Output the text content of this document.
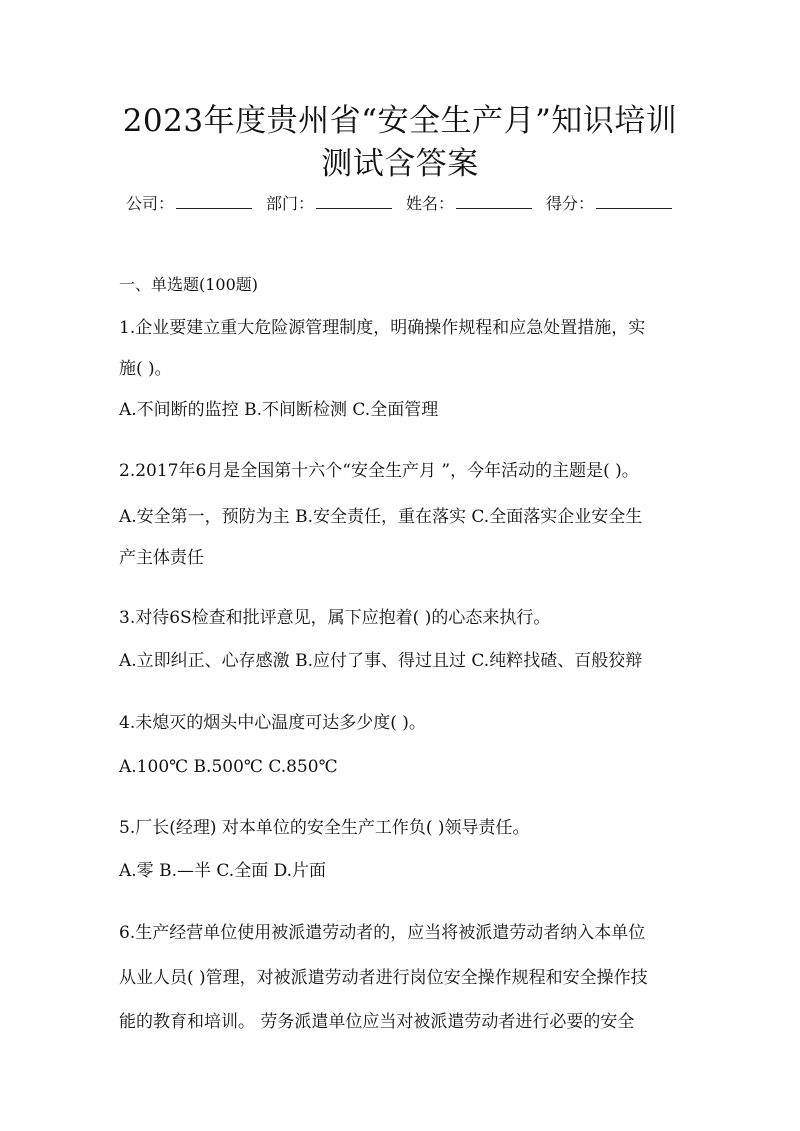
2023年度贵州省“安全生产月”知识培训
测试含答案
公司：	部门：	姓名：	得分：
一、单选题(100题)
1.企业要建立重大危险源管理制度，明确操作规程和应急处置措施，实
施( )。
A.不间断的监控 B.不间断检测 C.全面管理
2.2017年6月是全国第十六个“安全生产月 ”，今年活动的主题是( )。
A.安全第一，预防为主 B.安全责任，重在落实 C.全面落实企业安全生
产主体责任
3.对待6S检查和批评意见，属下应抱着( )的心态来执行。
A.立即纠正、心存感激 B.应付了事、得过且过 C.纯粹找碴、百般狡辩
4.未熄灭的烟头中心温度可达多少度( )。
A.100℃ B.500℃ C.850℃
5.厂长(经理) 对本单位的安全生产工作负( )领导责任。
A.零 B.—半 C.全面 D.片面
6.生产经营单位使用被派遣劳动者的，应当将被派遣劳动者纳入本单位
从业人员( )管理，对被派遣劳动者进行岗位安全操作规程和安全操作技
能的教育和培训。 劳务派遣单位应当对被派遣劳动者进行必要的安全
